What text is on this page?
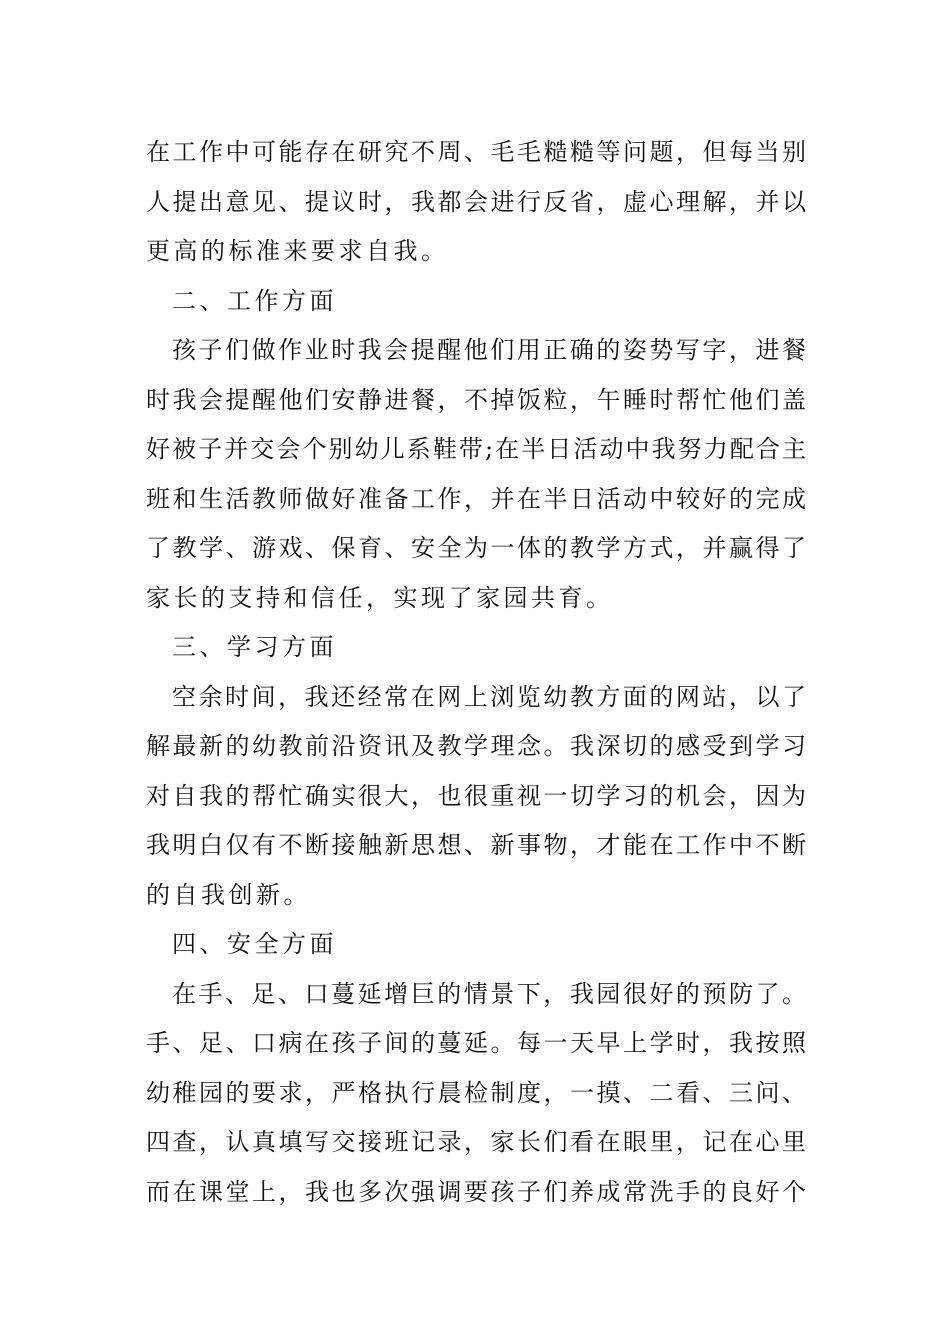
在工作中可能存在研究不周、毛毛糙糙等问题，但每当别
人提出意见、提议时，我都会进行反省，虚心理解，并以
更高的标准来要求自我。
二、工作方面
孩子们做作业时我会提醒他们用正确的姿势写字，进餐
时我会提醒他们安静进餐，不掉饭粒，午睡时帮忙他们盖
好被子并交会个别幼儿系鞋带;在半日活动中我努力配合主
班和生活教师做好准备工作，并在半日活动中较好的完成
了教学、游戏、保育、安全为一体的教学方式，并赢得了
家长的支持和信任，实现了家园共育。
三、学习方面
空余时间，我还经常在网上浏览幼教方面的网站，以了
解最新的幼教前沿资讯及教学理念。我深切的感受到学习
对自我的帮忙确实很大，也很重视一切学习的机会，因为
我明白仅有不断接触新思想、新事物，才能在工作中不断
的自我创新。
四、安全方面
在手、足、口蔓延增巨的情景下，我园很好的预防了。
手、足、口病在孩子间的蔓延。每一天早上学时，我按照
幼稚园的要求，严格执行晨检制度，一摸、二看、三问、
四查，认真填写交接班记录，家长们看在眼里，记在心里
而在课堂上，我也多次强调要孩子们养成常洗手的良好个
